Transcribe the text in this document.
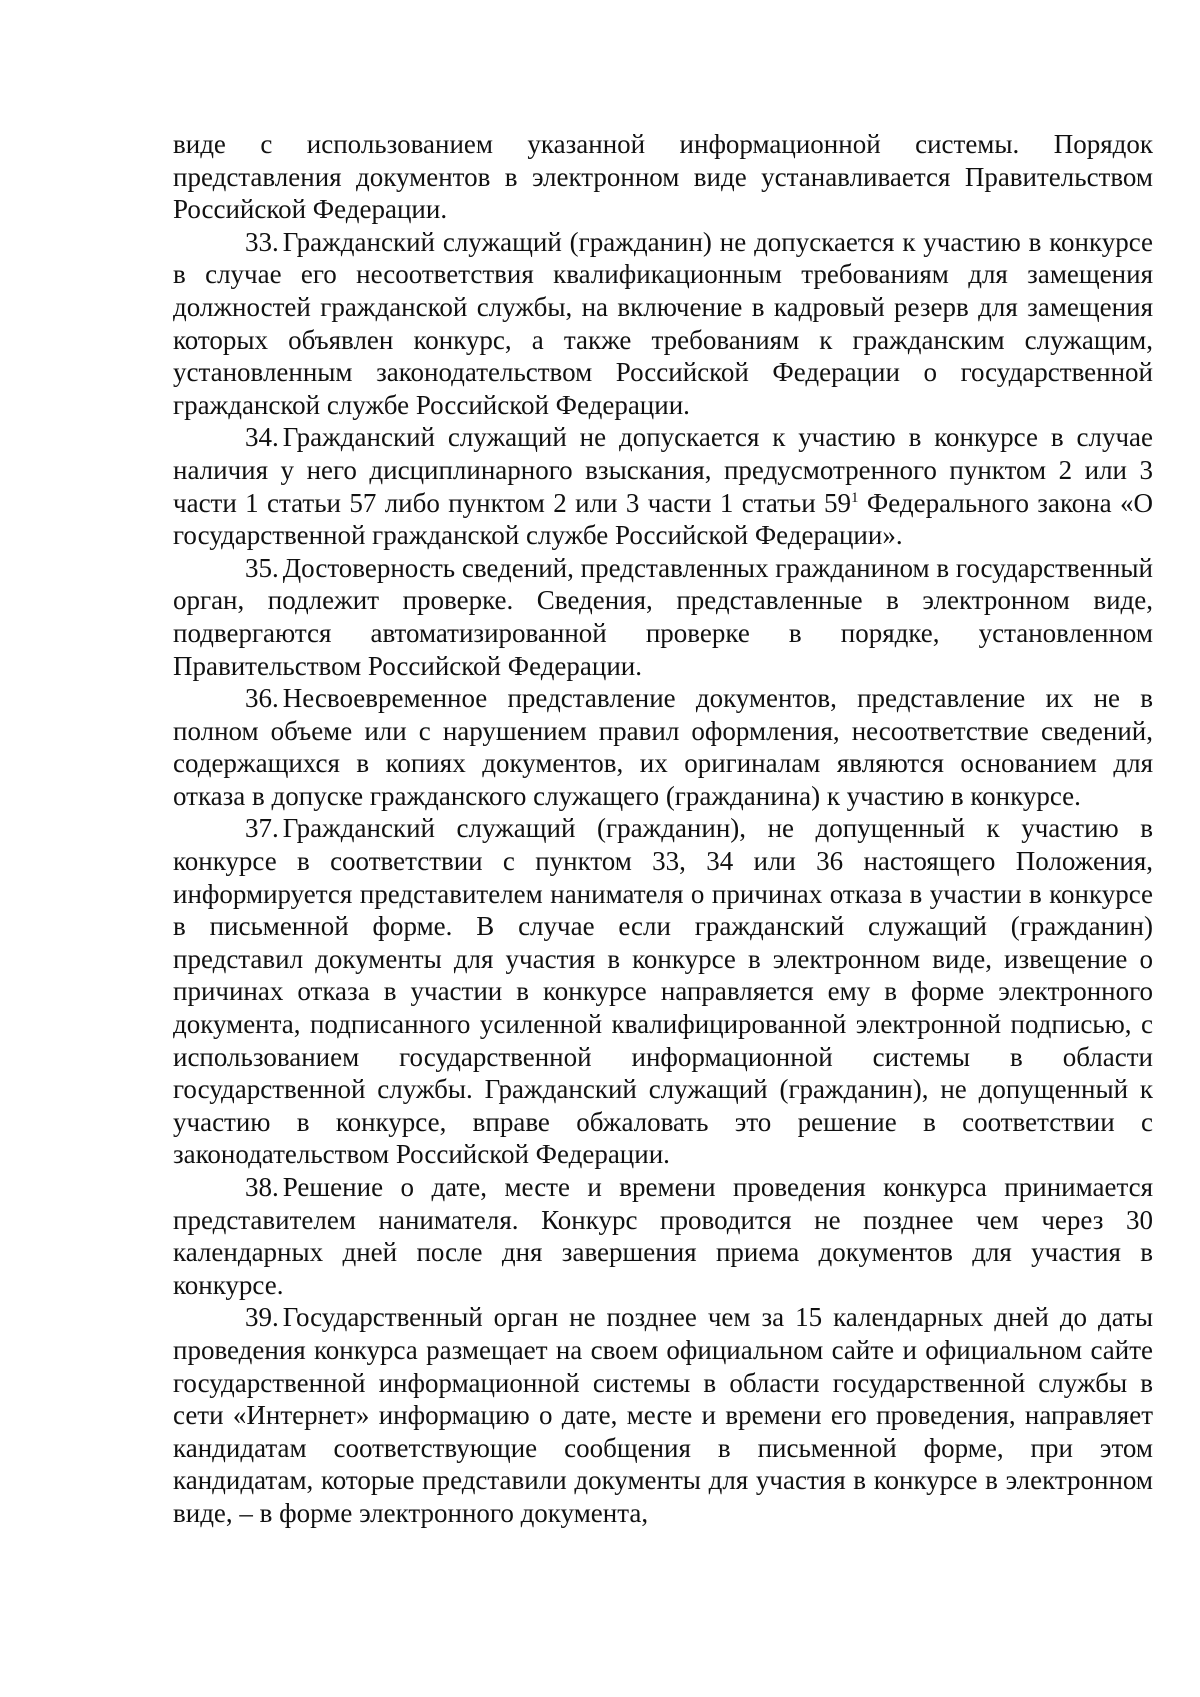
виде с использованием указанной информационной системы. Порядок представления документов в электронном виде устанавливается Правительством Российской Федерации.

33. Гражданский служащий (гражданин) не допускается к участию в конкурсе в случае его несоответствия квалификационным требованиям для замещения должностей гражданской службы, на включение в кадровый резерв для замещения которых объявлен конкурс, а также требованиям к гражданским служащим, установленным законодательством Российской Федерации о государственной гражданской службе Российской Федерации.

34. Гражданский служащий не допускается к участию в конкурсе в случае наличия у него дисциплинарного взыскания, предусмотренного пунктом 2 или 3 части 1 статьи 57 либо пунктом 2 или 3 части 1 статьи $59^1$ Федерального закона «О государственной гражданской службе Российской Федерации».

35. Достоверность сведений, представленных гражданином в государственный орган, подлежит проверке. Сведения, представленные в электронном виде, подвергаются автоматизированной проверке в порядке, установленном Правительством Российской Федерации.

36. Несвоевременное представление документов, представление их не в полном объеме или с нарушением правил оформления, несоответствие сведений, содержащихся в копиях документов, их оригиналам являются основанием для отказа в допуске гражданского служащего (гражданина) к участию в конкурсе.

37. Гражданский служащий (гражданин), не допущенный к участию в конкурсе в соответствии с пунктом 33, 34 или 36 настоящего Положения, информируется представителем нанимателя о причинах отказа в участии в конкурсе в письменной форме. В случае если гражданский служащий (гражданин) представил документы для участия в конкурсе в электронном виде, извещение о причинах отказа в участии в конкурсе направляется ему в форме электронного документа, подписанного усиленной квалифицированной электронной подписью, с использованием государственной информационной системы в области государственной службы. Гражданский служащий (гражданин), не допущенный к участию в конкурсе, вправе обжаловать это решение в соответствии с законодательством Российской Федерации.

38. Решение о дате, месте и времени проведения конкурса принимается представителем нанимателя. Конкурс проводится не позднее чем через 30 календарных дней после дня завершения приема документов для участия в конкурсе.

39. Государственный орган не позднее чем за 15 календарных дней до даты проведения конкурса размещает на своем официальном сайте и официальном сайте государственной информационной системы в области государственной службы в сети «Интернет» информацию о дате, месте и времени его проведения, направляет кандидатам соответствующие сообщения в письменной форме, при этом кандидатам, которые представили документы для участия в конкурсе в электронном виде, – в форме электронного документа,
